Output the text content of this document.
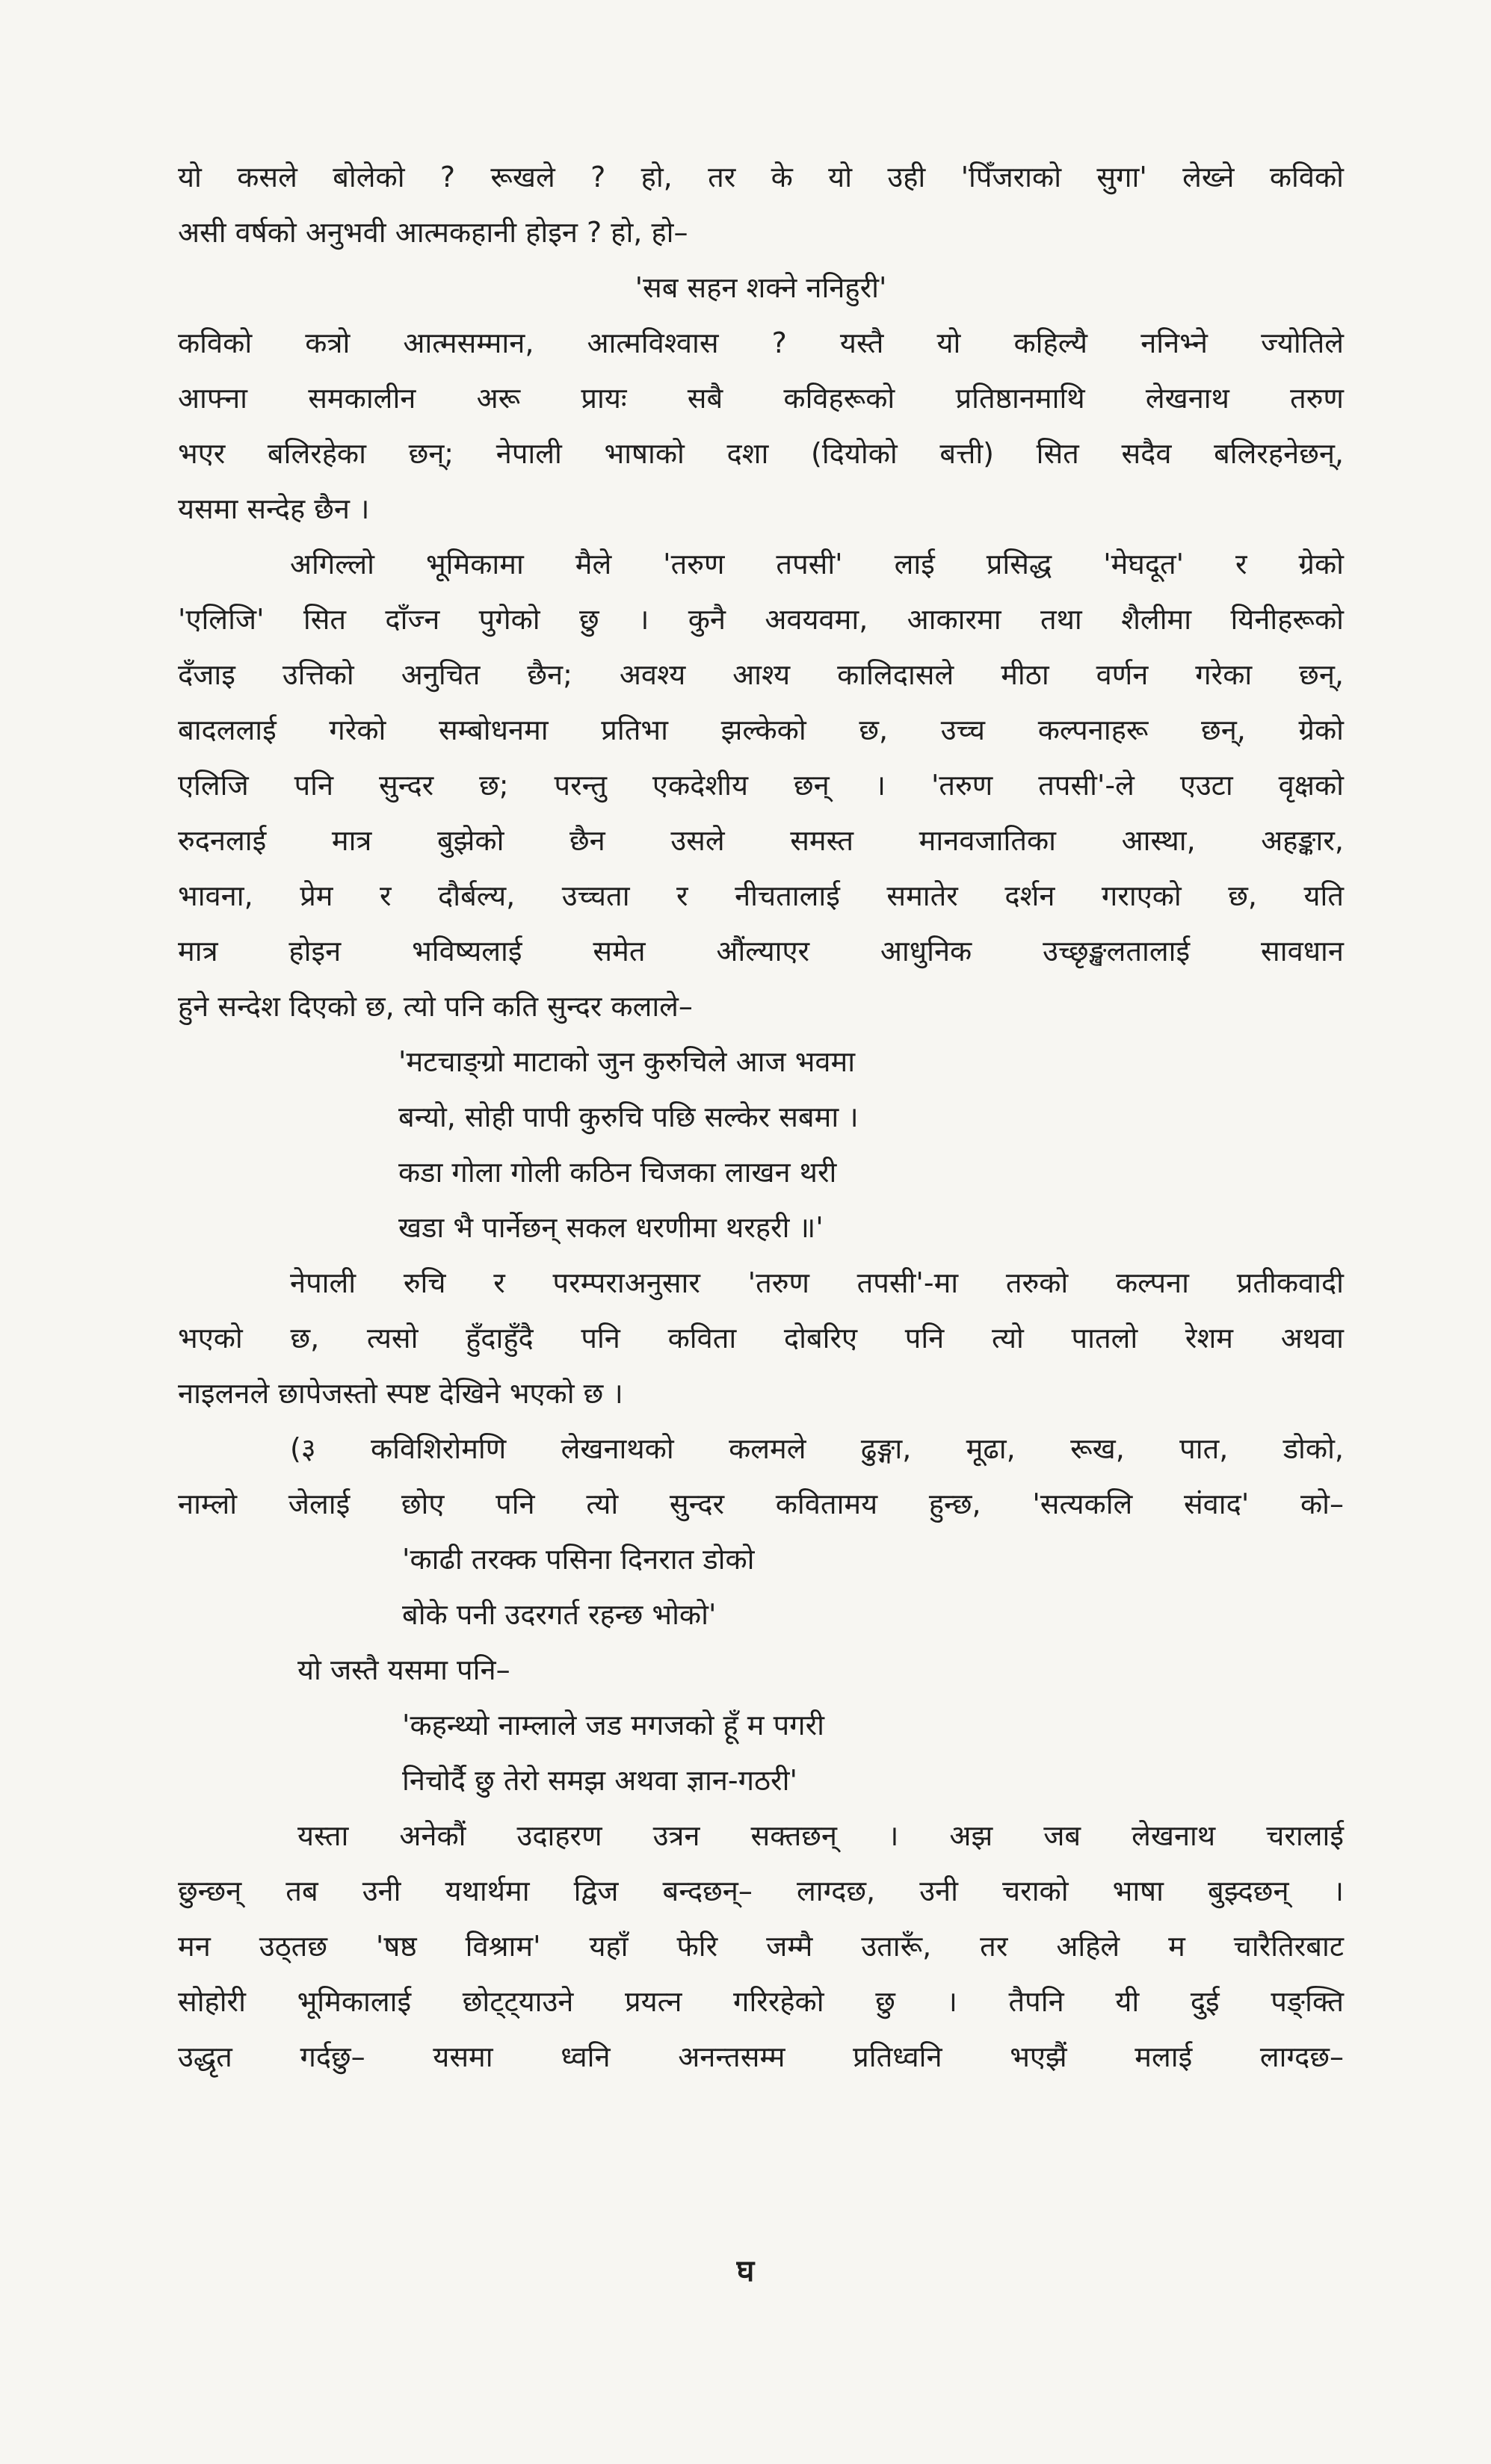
यो कसले बोलेको ? रूखले ? हो, तर के यो उही 'पिँजराको सुगा' लेख्ने कविको

असी वर्षको अनुभवी आत्मकहानी होइन ? हो, हो–

'सब सहन शक्ने ननिहुरी'

कविको कत्रो आत्मसम्मान, आत्मविश्वास ? यस्तै यो कहिल्यै ननिभ्ने ज्योतिले

आफ्ना समकालीन अरू प्रायः सबै कविहरूको प्रतिष्ठानमाथि लेखनाथ तरुण

भएर बलिरहेका छन्; नेपाली भाषाको दशा (दियोको बत्ती) सित सदैव बलिरहनेछन्,

यसमा सन्देह छैन ।

अगिल्लो भूमिकामा मैले 'तरुण तपसी' लाई प्रसिद्ध 'मेघदूत' र ग्रेको

'एलिजि' सित दाँज्न पुगेको छु । कुनै अवयवमा, आकारमा तथा शैलीमा यिनीहरूको

दँजाइ उत्तिको अनुचित छैन; अवश्य आश्य कालिदासले मीठा वर्णन गरेका छन्,

बादललाई गरेको सम्बोधनमा प्रतिभा झल्केको छ, उच्च कल्पनाहरू छन्, ग्रेको

एलिजि पनि सुन्दर छ; परन्तु एकदेशीय छन् । 'तरुण तपसी'-ले एउटा वृक्षको

रुदनलाई मात्र बुझेको छैन उसले समस्त मानवजातिका आस्था, अहङ्कार,

भावना, प्रेम र दौर्बल्य, उच्चता र नीचतालाई समातेर दर्शन गराएको छ, यति

मात्र होइन भविष्यलाई समेत औंल्याएर आधुनिक उच्छृङ्खलतालाई सावधान

हुने सन्देश दिएको छ, त्यो पनि कति सुन्दर कलाले–

'मटचाङ्ग्रो माटाको जुन कुरुचिले आज भवमा

बन्यो, सोही पापी कुरुचि पछि सल्केर सबमा ।

कडा गोला गोली कठिन चिजका लाखन थरी

खडा भै पार्नेछन् सकल धरणीमा थरहरी ॥'

नेपाली रुचि र परम्पराअनुसार 'तरुण तपसी'-मा तरुको कल्पना प्रतीकवादी

भएको छ, त्यसो हुँदाहुँदै पनि कविता दोबरिए पनि त्यो पातलो रेशम अथवा

नाइलनले छापेजस्तो स्पष्ट देखिने भएको छ ।

(३ कविशिरोमणि लेखनाथको कलमले ढुङ्गा, मूढा, रूख, पात, डोको,

नाम्लो जेलाई छोए पनि त्यो सुन्दर कवितामय हुन्छ, 'सत्यकलि संवाद' को–

'काढी तरक्क पसिना दिनरात डोको

बोके पनी उदरगर्त रहन्छ भोको'

यो जस्तै यसमा पनि–

'कहन्थ्यो नाम्लाले जड मगजको हूँ म पगरी

निचोर्दै छु तेरो समझ अथवा ज्ञान-गठरी'

यस्ता अनेकौं उदाहरण उत्रन सक्तछन् । अझ जब लेखनाथ चरालाई

छुन्छन् तब उनी यथार्थमा द्विज बन्दछन्– लाग्दछ, उनी चराको भाषा बुझ्दछन् ।

मन उठ्तछ 'षष्ठ विश्राम' यहाँ फेरि जम्मै उतारूँ, तर अहिले म चारैतिरबाट

सोहोरी भूमिकालाई छोट्ट्याउने प्रयत्न गरिरहेको छु । तैपनि यी दुई पङ्क्ति

उद्धृत गर्दछु– यसमा ध्वनि अनन्तसम्म प्रतिध्वनि भएझैं मलाई लाग्दछ–

घ
